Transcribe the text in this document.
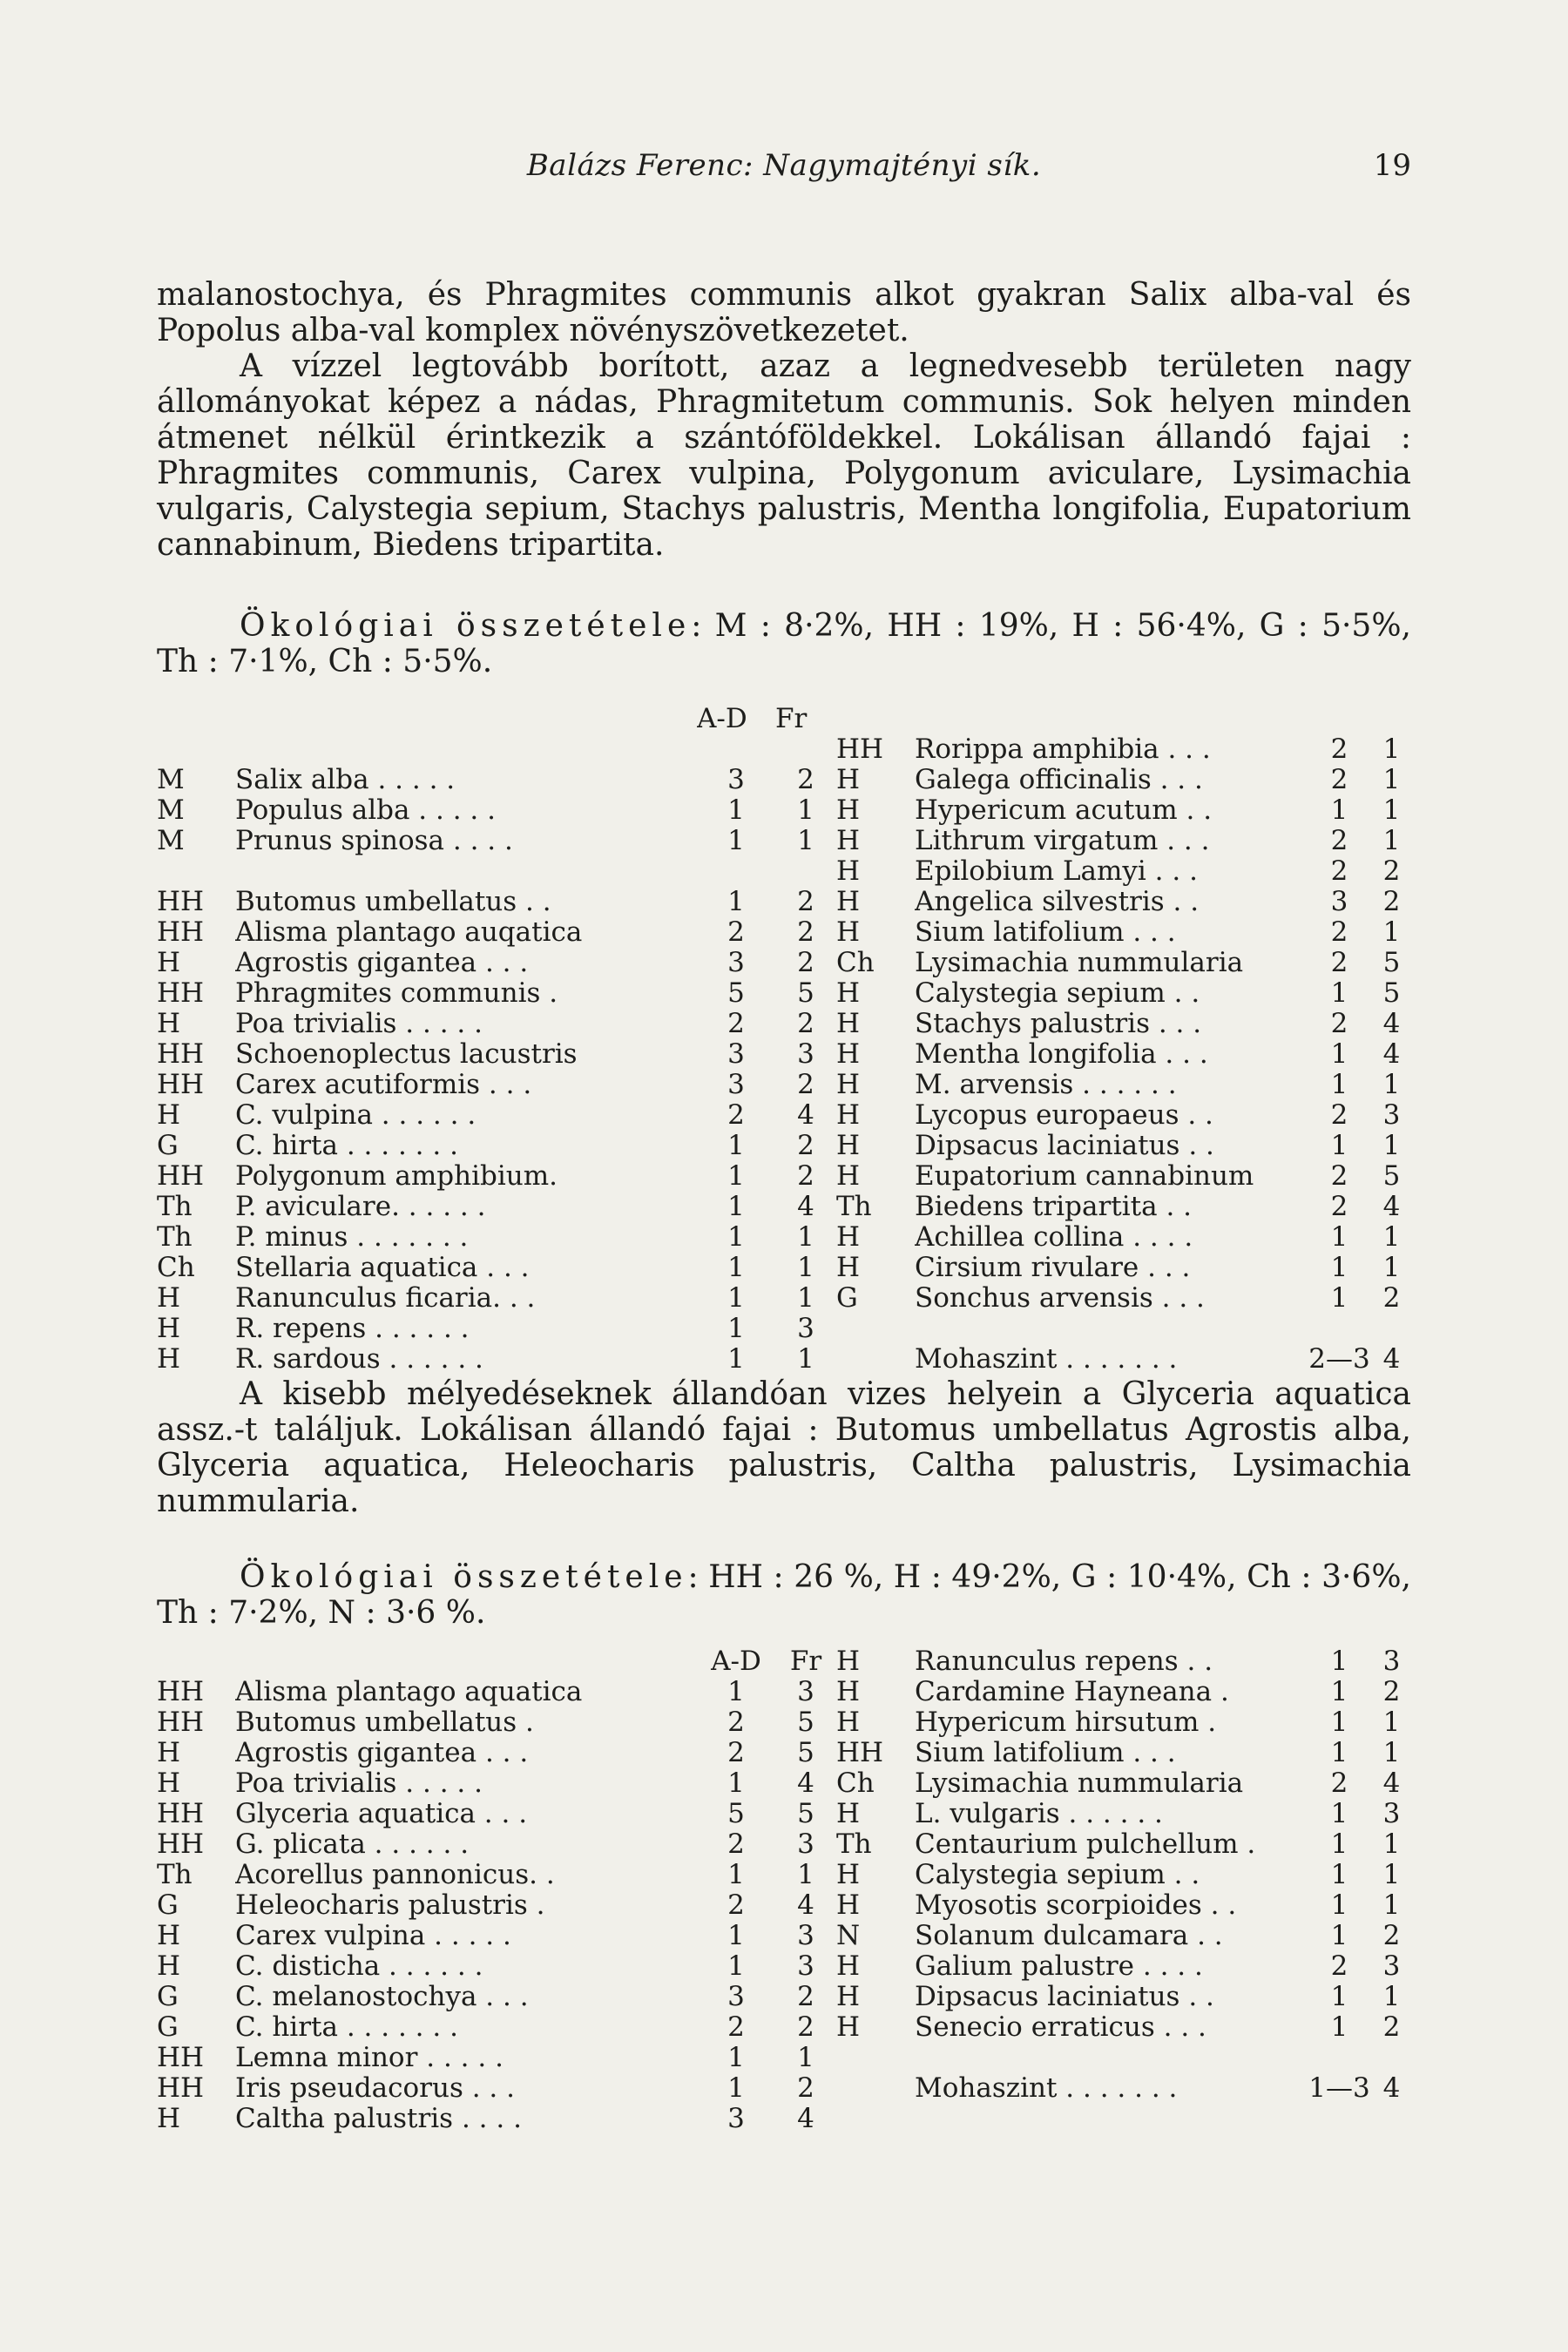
Balázs Ferenc: Nagymajtényi sík.	19
malanostochya, és Phragmites communis alkot gyakran Salix alba-val és Popolus alba-val komplex növényszövetkezetet.
A vízzel legtovább borított, azaz a legnedvesebb területen nagy állományokat képez a nádas, Phragmitetum communis. Sok helyen minden átmenet nélkül érintkezik a szántóföldekkel. Lokálisan állandó fajai : Phragmites communis, Carex vulpina, Polygonum aviculare, Lysimachia vulgaris, Calystegia sepium, Stachys palustris, Mentha longifolia, Eupatorium cannabinum, Biedens tripartita.
Ökológiai összetétele: M : 8·2%, HH : 19%, H : 56·4%, G : 5·5%, Th : 7·1%, Ch : 5·5%.
		A-D	Fr				
				HH	Rorippa amphibia . . .	2	1
M	Salix alba . . . . .	3	2	H	Galega officinalis . . .	2	1
M	Populus alba . . . . .	1	1	H	Hypericum acutum . .	1	1
M	Prunus spinosa . . . .	1	1	H	Lithrum virgatum . . .	2	1
				H	Epilobium Lamyi . . .	2	2
HH	Butomus umbellatus . .	1	2	H	Angelica silvestris . .	3	2
HH	Alisma plantago auqatica	2	2	H	Sium latifolium . . .	2	1
H	Agrostis gigantea . . .	3	2	Ch	Lysimachia nummularia	2	5
HH	Phragmites communis .	5	5	H	Calystegia sepium . .	1	5
H	Poa trivialis . . . . .	2	2	H	Stachys palustris . . .	2	4
HH	Schoenoplectus lacustris	3	3	H	Mentha longifolia . . .	1	4
HH	Carex acutiformis . . .	3	2	H	M. arvensis . . . . . .	1	1
H	C. vulpina . . . . . .	2	4	H	Lycopus europaeus . .	2	3
G	C. hirta . . . . . . .	1	2	H	Dipsacus laciniatus . .	1	1
HH	Polygonum amphibium.	1	2	H	Eupatorium cannabinum	2	5
Th	P. aviculare. . . . . .	1	4	Th	Biedens tripartita . .	2	4
Th	P. minus . . . . . . .	1	1	H	Achillea collina . . . .	1	1
Ch	Stellaria aquatica . . .	1	1	H	Cirsium rivulare . . .	1	1
H	Ranunculus ficaria. . .	1	1	G	Sonchus arvensis . . .	1	2
H	R. repens . . . . . .	1	3				
H	R. sardous . . . . . .	1	1		Mohaszint . . . . . . .	2—3	4
A kisebb mélyedéseknek állandóan vizes helyein a Glyceria aquatica assz.-t találjuk. Lokálisan állandó fajai : Butomus umbellatus Agrostis alba, Glyceria aquatica, Heleocharis palustris, Caltha palustris, Lysimachia nummularia.
Ökológiai összetétele: HH : 26 %, H : 49·2%, G : 10·4%, Ch : 3·6%, Th : 7·2%, N : 3·6 %.
		A-D	Fr	H	Ranunculus repens . .	1	3
HH	Alisma plantago aquatica	1	3	H	Cardamine Hayneana .	1	2
HH	Butomus umbellatus .	2	5	H	Hypericum hirsutum .	1	1
H	Agrostis gigantea . . .	2	5	HH	Sium latifolium . . .	1	1
H	Poa trivialis . . . . .	1	4	Ch	Lysimachia nummularia	2	4
HH	Glyceria aquatica . . .	5	5	H	L. vulgaris . . . . . .	1	3
HH	G. plicata . . . . . .	2	3	Th	Centaurium pulchellum .	1	1
Th	Acorellus pannonicus. .	1	1	H	Calystegia sepium . .	1	1
G	Heleocharis palustris .	2	4	H	Myosotis scorpioides . .	1	1
H	Carex vulpina . . . . .	1	3	N	Solanum dulcamara . .	1	2
H	C. disticha . . . . . .	1	3	H	Galium palustre . . . .	2	3
G	C. melanostochya . . .	3	2	H	Dipsacus laciniatus . .	1	1
G	C. hirta . . . . . . .	2	2	H	Senecio erraticus . . .	1	2
HH	Lemna minor . . . . .	1	1				
HH	Iris pseudacorus . . .	1	2		Mohaszint . . . . . . .	1—3	4
H	Caltha palustris . . . .	3	4				
